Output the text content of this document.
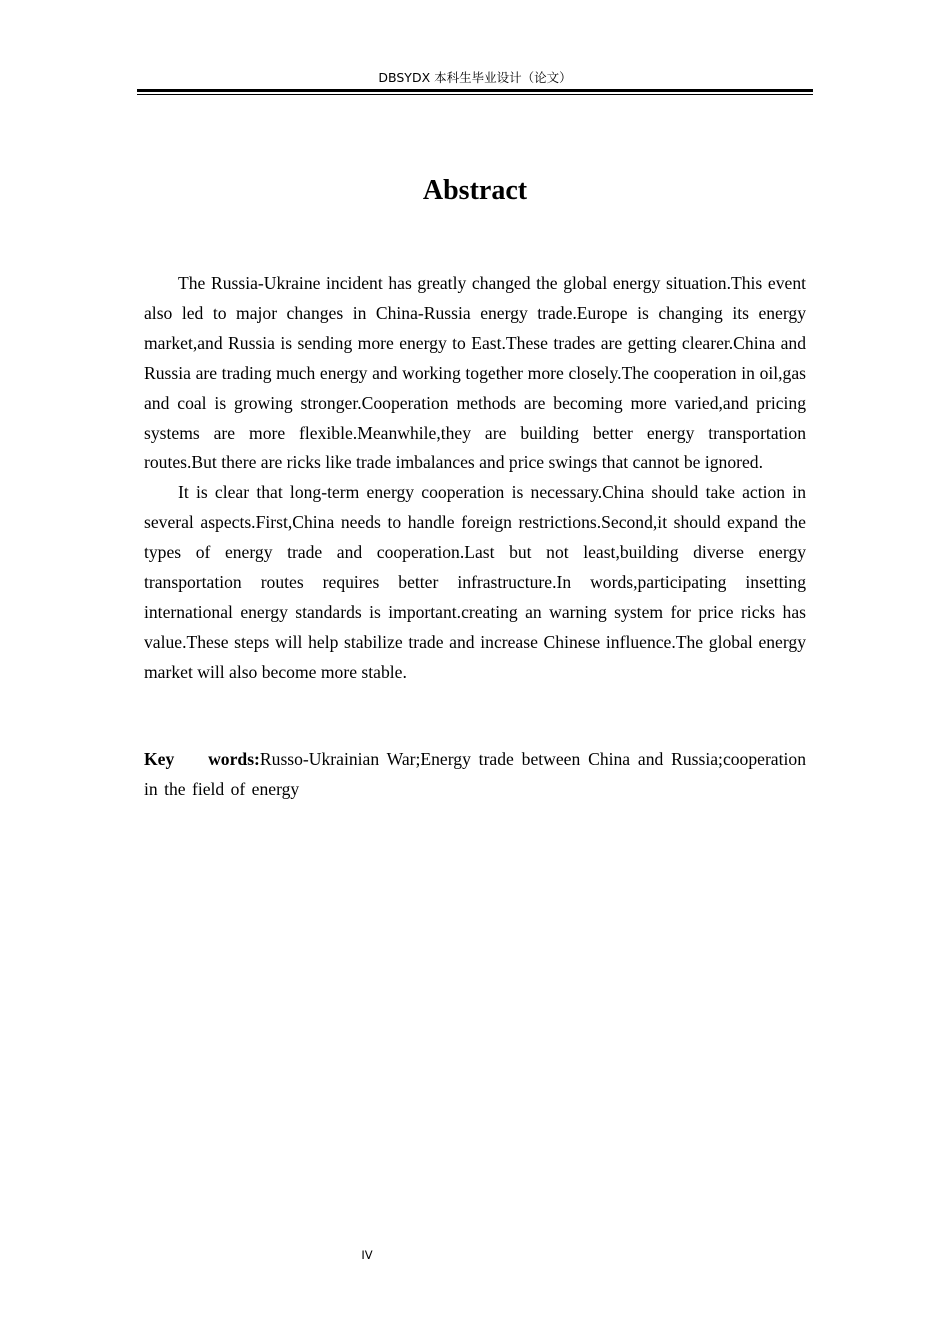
DBSYDX 本科生毕业设计（论文）
Abstract

The Russia-Ukraine incident has greatly changed the global energy situation.This event also led to major changes in China-Russia energy trade.Europe is changing its energy market,and Russia is sending more energy to East.These trades are getting clearer.China and Russia are trading much energy and working together more closely.The cooperation in oil,gas and coal is growing stronger.Cooperation methods are becoming more varied,and pricing systems are more flexible.Meanwhile,they are building better energy transportation routes.But there are ricks like trade imbalances and price swings that cannot be ignored.

It is clear that long-term energy cooperation is necessary.China should take action in several aspects.First,China needs to handle foreign restrictions.Second,it should expand the types of energy trade and cooperation.Last but not least,building diverse energy transportation routes requires better infrastructure.In words,participating insetting international energy standards is important.creating an warning system for price ricks has value.These steps will help stabilize trade and increase Chinese influence.The global energy market will also become more stable.

Key words:Russo-Ukrainian War;Energy trade between China and Russia;cooperation in the field of energy
IV
